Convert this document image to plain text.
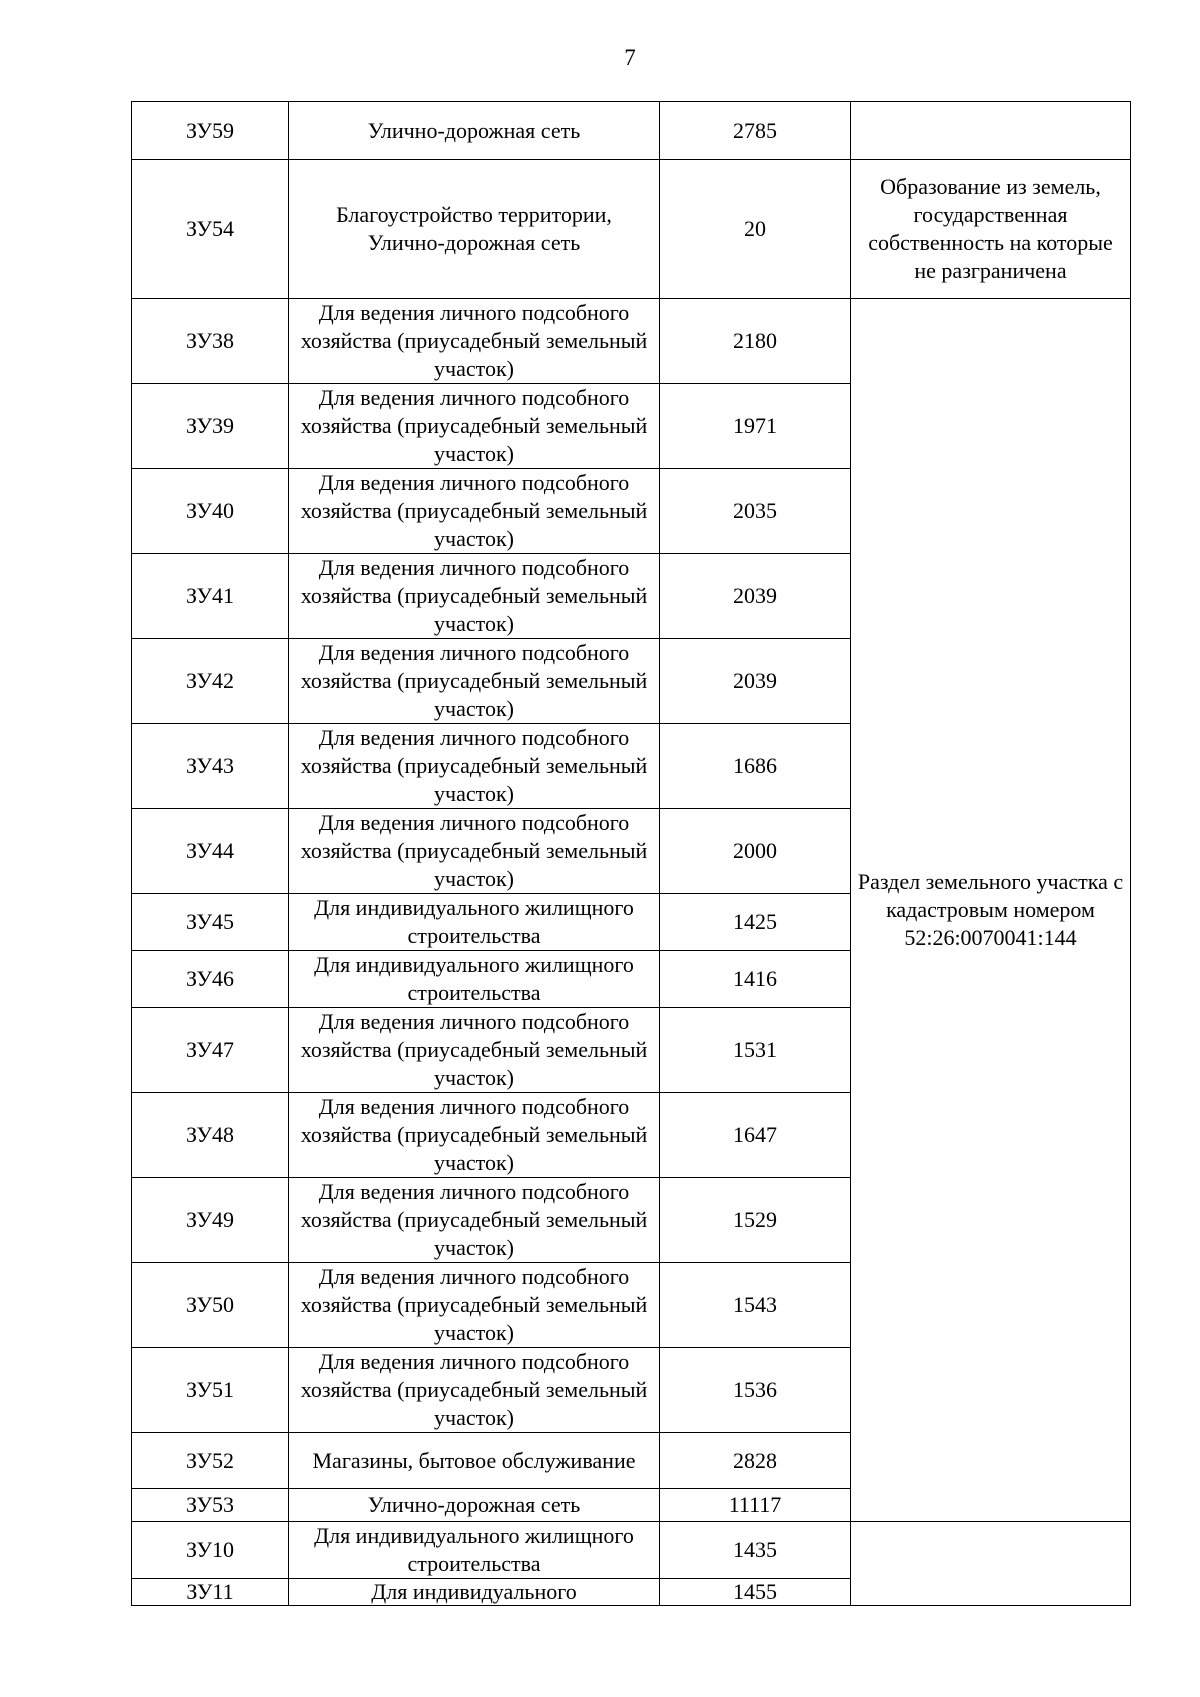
7
ЗУ59	Улично-дорожная сеть	2785	
ЗУ54	Благоустройство территории, Улично-дорожная сеть	20	Образование из земель, государственная собственность на которые не разграничена
ЗУ38	Для ведения личного подсобного хозяйства (приусадебный земельный участок)	2180	Раздел земельного участка с кадастровым номером 52:26:0070041:144
ЗУ39	Для ведения личного подсобного хозяйства (приусадебный земельный участок)	1971	
ЗУ40	Для ведения личного подсобного хозяйства (приусадебный земельный участок)	2035	
ЗУ41	Для ведения личного подсобного хозяйства (приусадебный земельный участок)	2039	
ЗУ42	Для ведения личного подсобного хозяйства (приусадебный земельный участок)	2039	
ЗУ43	Для ведения личного подсобного хозяйства (приусадебный земельный участок)	1686	
ЗУ44	Для ведения личного подсобного хозяйства (приусадебный земельный участок)	2000	
ЗУ45	Для индивидуального жилищного строительства	1425	
ЗУ46	Для индивидуального жилищного строительства	1416	
ЗУ47	Для ведения личного подсобного хозяйства (приусадебный земельный участок)	1531	
ЗУ48	Для ведения личного подсобного хозяйства (приусадебный земельный участок)	1647	
ЗУ49	Для ведения личного подсобного хозяйства (приусадебный земельный участок)	1529	
ЗУ50	Для ведения личного подсобного хозяйства (приусадебный земельный участок)	1543	
ЗУ51	Для ведения личного подсобного хозяйства (приусадебный земельный участок)	1536	
ЗУ52	Магазины, бытовое обслуживание	2828	
ЗУ53	Улично-дорожная сеть	11117	
ЗУ10	Для индивидуального жилищного строительства	1435	
ЗУ11	Для индивидуального	1455	
